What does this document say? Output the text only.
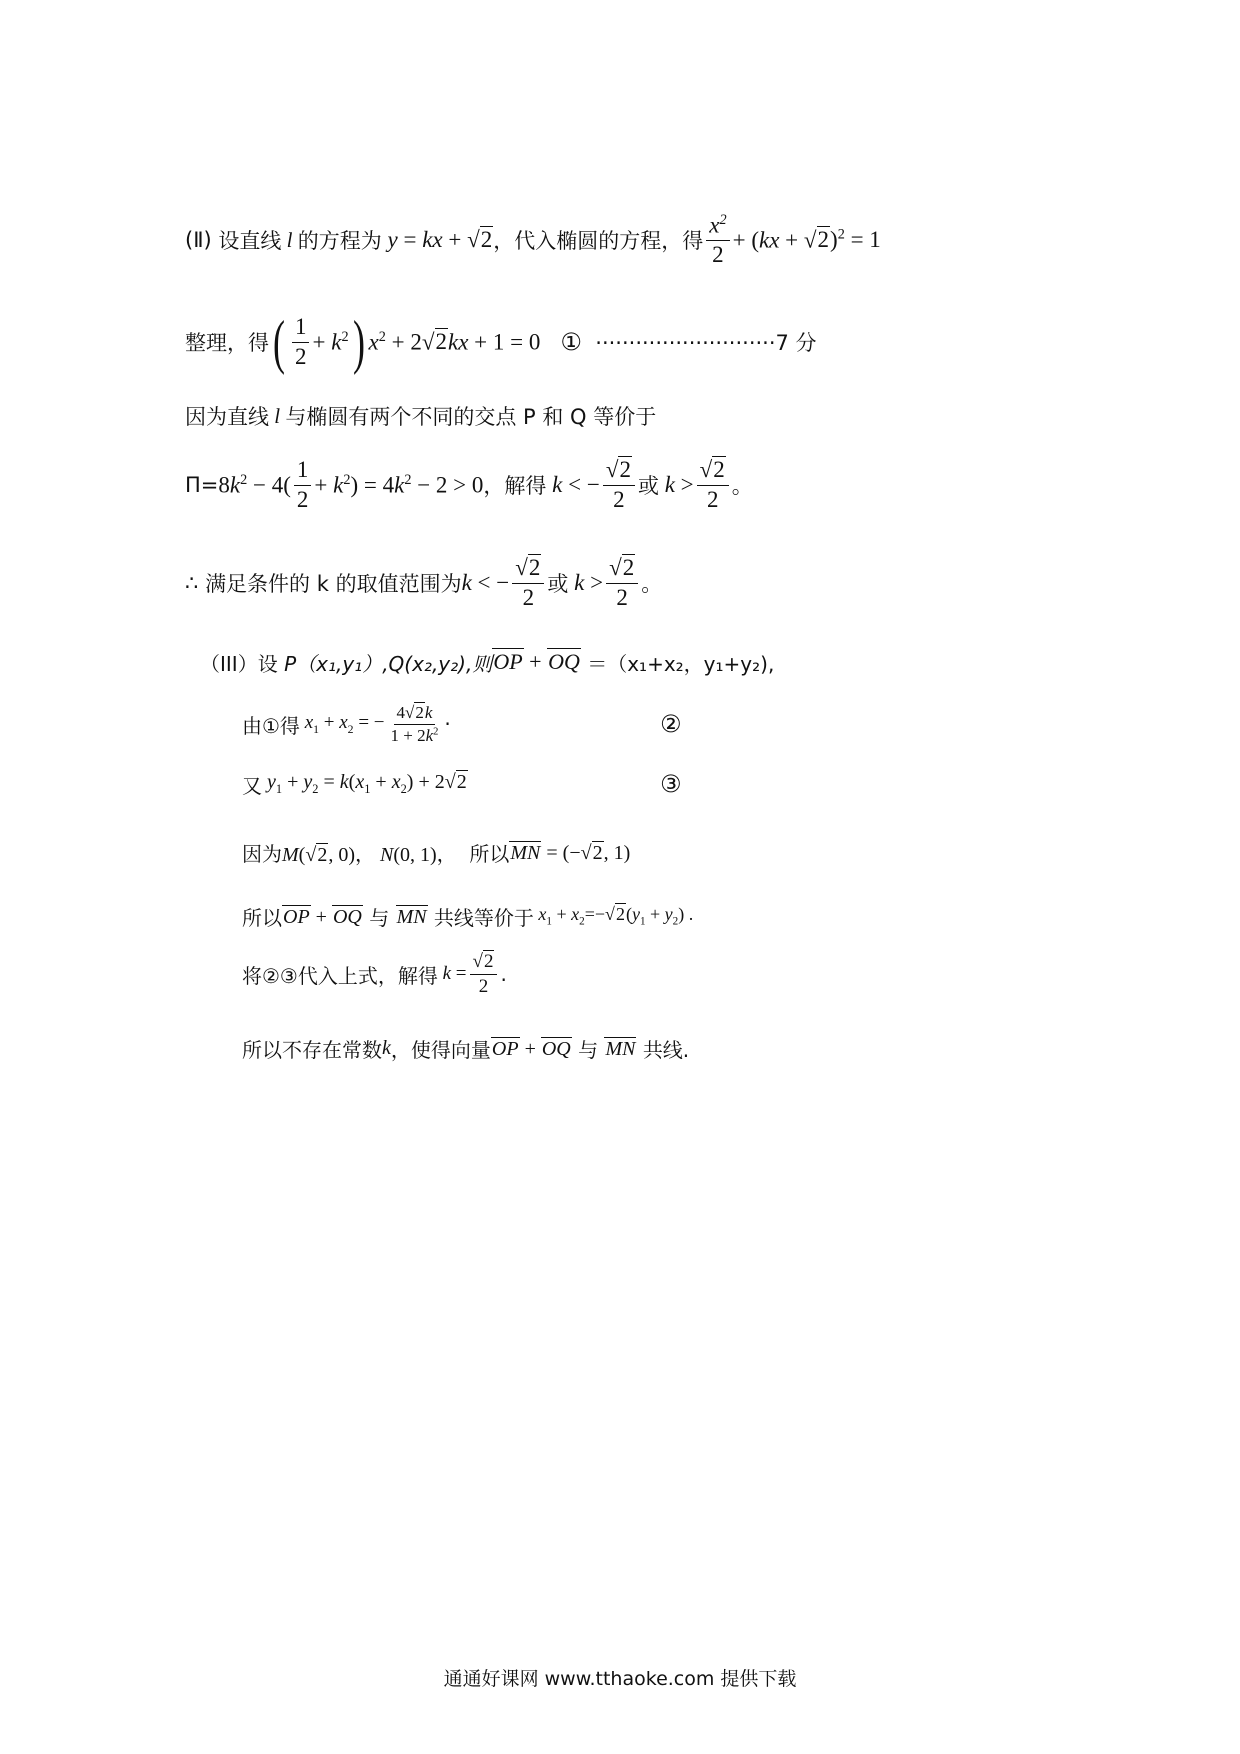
(Ⅱ)
设直线 l 的方程为 y = kx + √2 ，代入椭圆的方程，得 $\frac{x^2}{2} + (kx + √2)^2 = 1$
整理，得 ( $\frac{1}{2} + k^2$ ) $x^2 + 2√2kx + 1 = 0$
①
···························7 分
因为直线 l 与椭圆有两个不同的交点 P 和 Q 等价于
$\Pi= 8k^2 - 4( \frac{1}{2} + k^2) = 4k^2 - 2 > 0$ ，解得 k < − $\frac{√2}{2}$ 或 $k > \frac{√2}{2}$ 。
∴
满足条件的 k 的取值范围为 k < − $\frac{√2}{2}$ 或 $k > \frac{√2}{2}$ 。
（III）设
P（x₁,y₁） ,Q(x₂,y₂),则 OP + OQ
＝（x₁+x₂，y₁+y₂),
由①得 $x_1 + x_2$ = − $\frac{4√2k}{1 + 2k^2}$ ·	②
又 $y_1 + y_2 = k(x_1 + x_2) + 2√2$	③
因为 M(√2, 0)， N(0, 1)，
所以 MN = (−√2, 1)
所以 OP + OQ
与
MN
共线等价于 $x_1 + x_2=-√2(y_1 + y_2)$ .
将②③代入上式，解得 $k = \frac{√2}{2}$ .
所以不存在常数 k ，使得向量 OP + OQ
与
MN
共线.
通通好课网 www.tthaoke.com 提供下载
